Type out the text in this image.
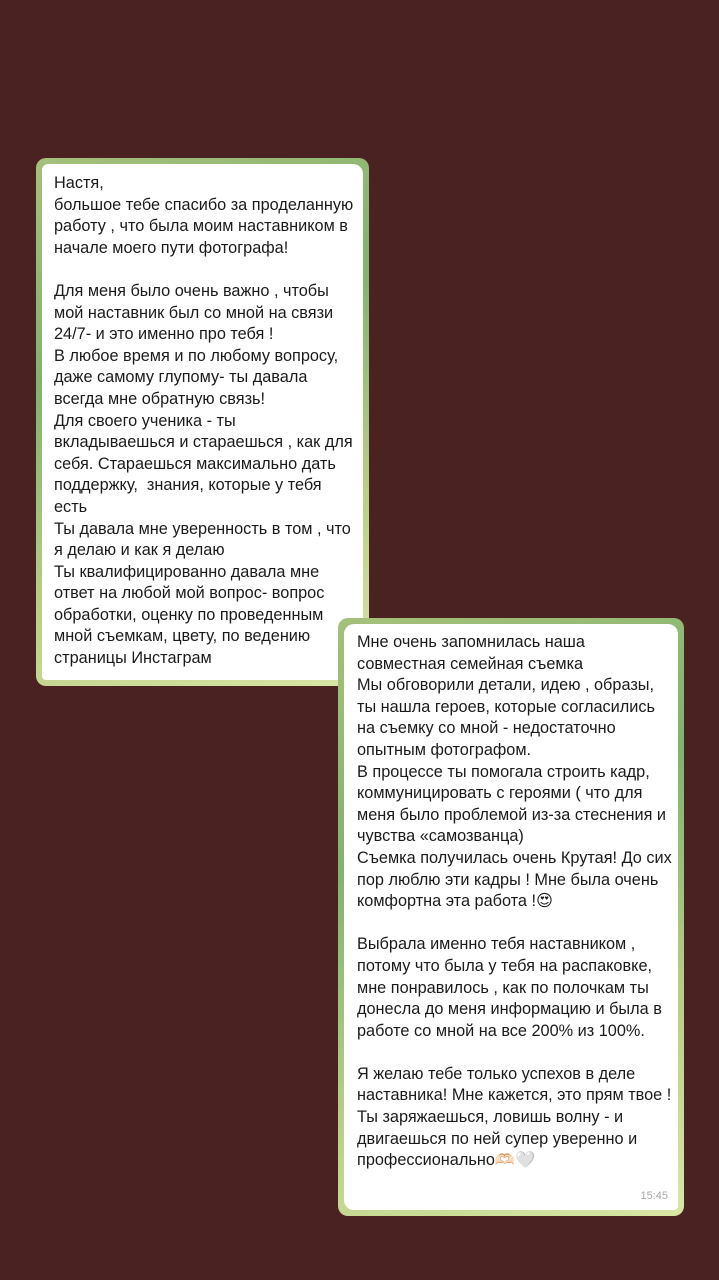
Настя,
большое тебе спасибо за проделанную работу , что была моим наставником в начале моего пути фотографа!

Для меня было очень важно , чтобы мой наставник был со мной на связи 24/7- и это именно про тебя !
В любое время и по любому вопросу, даже самому глупому- ты давала всегда мне обратную связь!
Для своего ученика - ты вкладываешься и стараешься , как для себя. Стараешься максимально дать поддержку,  знания, которые у тебя есть
Ты давала мне уверенность в том , что я делаю и как я делаю
Ты квалифицированно давала мне ответ на любой мой вопрос- вопрос обработки, оценку по проведенным мной съемкам, цвету, по ведению страницы Инстаграм

Мне очень запомнилась наша совместная семейная съемка
Мы обговорили детали, идею , образы, ты нашла героев, которые согласились на съемку со мной - недостаточно опытным фотографом.
В процессе ты помогала строить кадр, коммуницировать с героями ( что для меня было проблемой из-за стеснения и чувства «самозванца)
Съемка получилась очень Крутая! До сих пор люблю эти кадры ! Мне была очень комфортна эта работа !😍

Выбрала именно тебя наставником , потому что была у тебя на распаковке, мне понравилось , как по полочкам ты донесла до меня информацию и была в работе со мной на все 200% из 100%.

Я желаю тебе только успехов в деле наставника! Мне кажется, это прям твое ! Ты заряжаешься, ловишь волну - и двигаешься по ней супер уверенно и профессионально🫶🏻🤍

15:45
